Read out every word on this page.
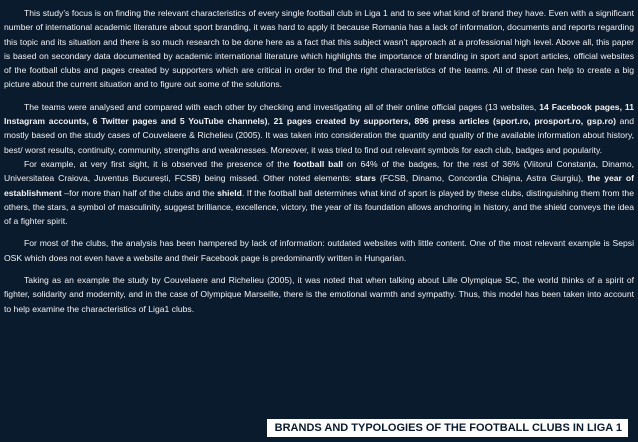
This study’s focus is on finding the relevant characteristics of every single football club in Liga 1 and to see what kind of brand they have. Even with a significant number of international academic literature about sport branding, it was hard to apply it because Romania has a lack of information, documents and reports regarding this topic and its situation and there is so much research to be done here as a fact that this subject wasn’t approach at a professional high level. Above all, this paper is based on secondary data documented by academic international literature which highlights the importance of branding in sport and sport articles, official websites of the football clubs and pages created by supporters which are critical in order to find the right characteristics of the teams. All of these can help to create a big picture about the current situation and to figure out some of the solutions.

The teams were analysed and compared with each other by checking and investigating all of their online official pages (13 websites, 14 Facebook pages, 11 Instagram accounts, 6 Twitter pages and 5 YouTube channels), 21 pages created by supporters, 896 press articles (sport.ro, prosport.ro, gsp.ro) and mostly based on the study cases of Couvelaere & Richelieu (2005). It was taken into consideration the quantity and quality of the available information about history, best/ worst results, continuity, community, strengths and weaknesses. Moreover, it was tried to find out relevant symbols for each club, badges and popularity.

For example, at very first sight, it is observed the presence of the football ball on 64% of the badges, for the rest of 36% (Viitorul Constanța, Dinamo, Universitatea Craiova, Juventus București, FCSB) being missed. Other noted elements: stars (FCSB, Dinamo, Concordia Chiajna, Astra Giurgiu), the year of establishment –for more than half of the clubs and the shield. If the football ball determines what kind of sport is played by these clubs, distinguishing them from the others, the stars, a symbol of masculinity, suggest brilliance, excellence, victory, the year of its foundation allows anchoring in history, and the shield conveys the idea of a fighter spirit.

For most of the clubs, the analysis has been hampered by lack of information: outdated websites with little content. One of the most relevant example is Sepsi OSK which does not even have a website and their Facebook page is predominantly written in Hungarian.

Taking as an example the study by Couvelaere and Richelieu (2005), it was noted that when talking about Lille Olympique SC, the world thinks of a spirit of fighter, solidarity and modernity, and in the case of Olympique Marseille, there is the emotional warmth and sympathy. Thus, this model has been taken into account to help examine the characteristics of Liga1 clubs.

BRANDS AND TYPOLOGIES OF THE FOOTBALL CLUBS IN LIGA 1
